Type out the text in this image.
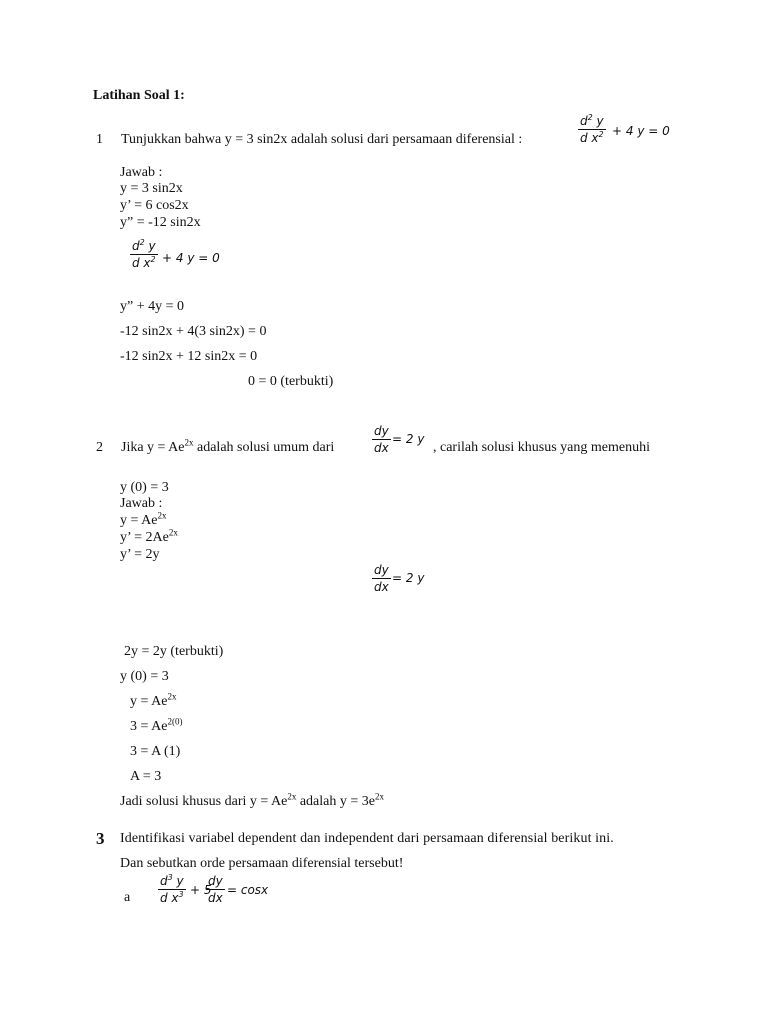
Latihan Soal 1:
1 Tunjukkan bahwa y = 3 sin2x adalah solusi dari persamaan diferensial :	$\frac{d^2 y}{d x^2} + 4$ y = 0
Jawab :
y = 3 sin2x
y’ = 6 cos2x
y” = -12 sin2x
$\frac{d^2 y}{d x^2} + 4$ y = 0
y” + 4y = 0
-12 sin2x + 4(3 sin2x) = 0
-12 sin2x + 12 sin2x = 0
0 = 0 (terbukti)
2 Jika $y = Ae^{2x}$ adalah solusi umum dari	$\frac{dy}{dx} = 2$ y
, carilah solusi khusus yang memenuhi
y (0) = 3
Jawab :
$y = Ae^{2x}$
y’ = $2Ae^{2x}$
y’ = 2y
$\frac{dy}{dx} = 2$ y
2y = 2y (terbukti)
y (0) = 3
$y = Ae^{2x}$
$3 = Ae^{2(0)}$
3 = A (1)
A = 3
Jadi solusi khusus dari $y = Ae^{2x}$ adalah $y = 3e^{2x}$
3 Identifikasi variabel dependent dan independent dari persamaan diferensial berikut ini.
Dan sebutkan orde persamaan diferensial tersebut!
a $\frac{d^3 y}{d x^3} + 5$
$\frac{dy}{dx} = \cos x$
